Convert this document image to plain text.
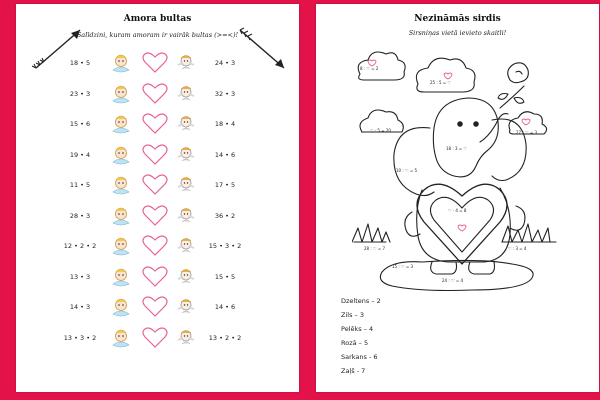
Amora bultas
Salīdzini, kuram amoram ir vairāk bultas (>=<)!
18 • 5	24 • 3
23 • 3	32 • 3
15 • 6	18 • 4
19 • 4	14 • 6
11 • 5	17 • 5
28 • 3	36 • 2
12 • 2 • 2	15 • 3 • 2
13 • 3	15 • 5
14 • 3	14 • 6
13 • 3 • 2	13 • 2 • 2
Nezināmās sirdis
Sirsniņas vietā ievieto skaitli!
8 : ♡ = 2
25 : 5 = ♡
27 : ♡ = 3
♡ · 5 = 20
18 : 3 = ♡
10 : ♡ = 5
♡ · 4 = 8
28 : ♡ = 7	♡ : 3 = 4
15 : ♡ = 3
24 : ♡ = 4
Dzeltens – 2
Zils – 3
Pelēks – 4
Rozā – 5
Sarkans - 6
Zaļš - 7
